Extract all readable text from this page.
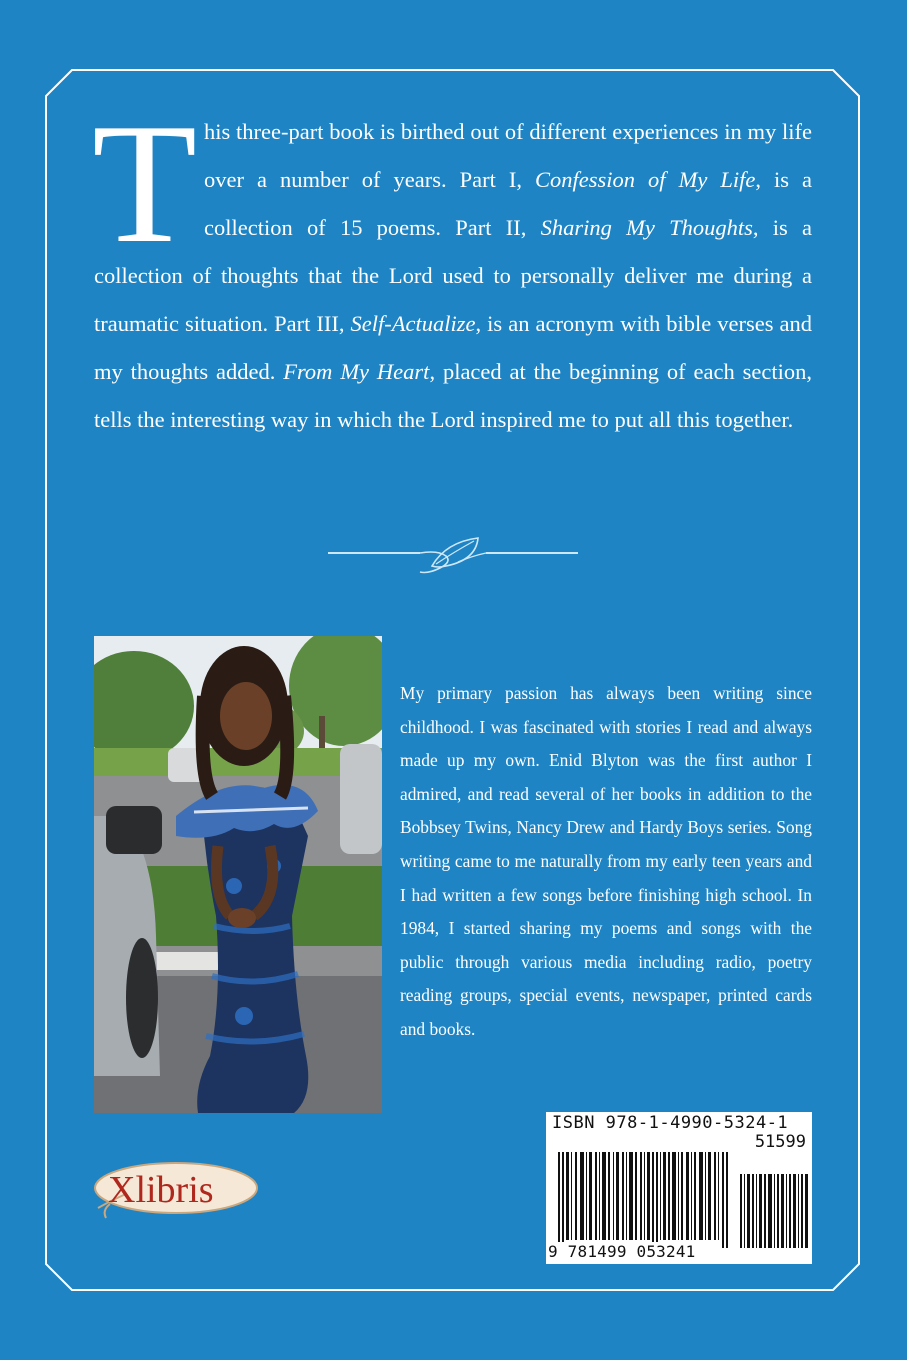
T his three-part book is birthed out of different experiences in my life over a number of years. Part I, Confession of My Life, is a collection of 15 poems. Part II, Sharing My Thoughts, is a collection of thoughts that the Lord used to personally deliver me during a traumatic situation. Part III, Self-Actualize, is an acronym with bible verses and my thoughts added. From My Heart, placed at the beginning of each section, tells the interesting way in which the Lord inspired me to put all this together.

My primary passion has always been writing since childhood. I was fascinated with stories I read and always made up my own. Enid Blyton was the first author I admired, and read several of her books in addition to the Bobbsey Twins, Nancy Drew and Hardy Boys series. Song writing came to me naturally from my early teen years and I had written a few songs before finishing high school. In 1984, I started sharing my poems and songs with the public through various media including radio, poetry reading groups, special events, newspaper, printed cards and books.

ISBN 978-1-4990-5324-1
51599
9 781499 053241
Xlibris
